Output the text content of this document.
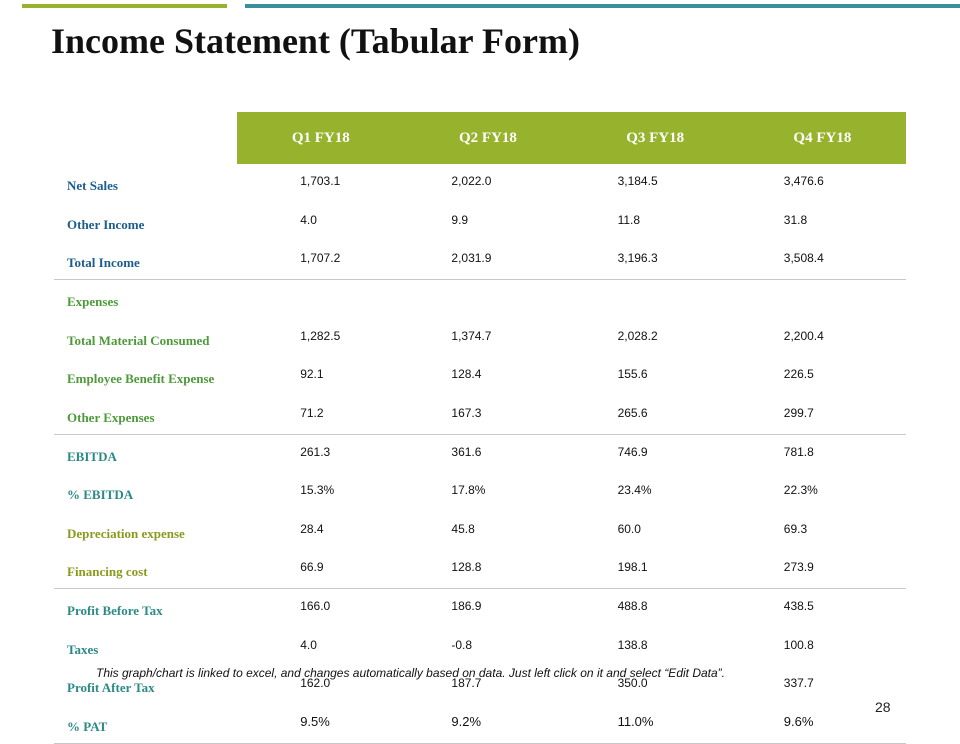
Income Statement (Tabular Form)
	Q1 FY18	Q2 FY18	Q3 FY18	Q4 FY18
Net Sales	1,703.1	2,022.0	3,184.5	3,476.6
Other Income	4.0	9.9	11.8	31.8
Total Income	1,707.2	2,031.9	3,196.3	3,508.4
Expenses				
Total Material Consumed	1,282.5	1,374.7	2,028.2	2,200.4
Employee Benefit Expense	92.1	128.4	155.6	226.5
Other Expenses	71.2	167.3	265.6	299.7
EBITDA	261.3	361.6	746.9	781.8
% EBITDA	15.3%	17.8%	23.4%	22.3%
Depreciation expense	28.4	45.8	60.0	69.3
Financing cost	66.9	128.8	198.1	273.9
Profit Before Tax	166.0	186.9	488.8	438.5
Taxes	4.0	-0.8	138.8	100.8
Profit After Tax	162.0	187.7	350.0	337.7
% PAT	9.5%	9.2%	11.0%	9.6%

This graph/chart is linked to excel, and changes automatically based on data. Just left click on it and select “Edit Data”.

28
